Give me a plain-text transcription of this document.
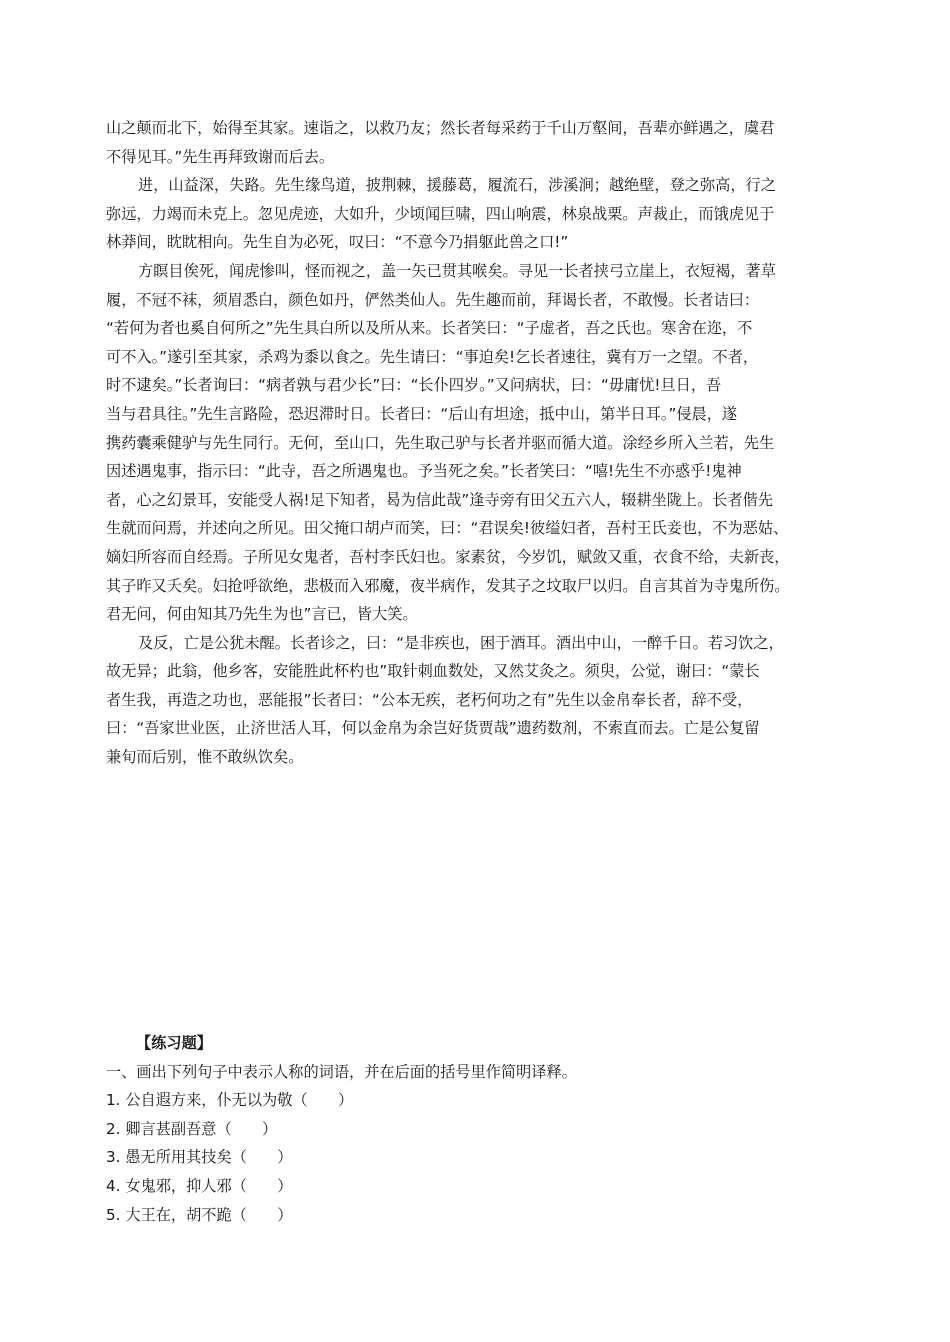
山之颠而北下，始得至其家。速诣之，以救乃友；然长者每采药于千山万壑间，吾辈亦鲜遇之，虞君
不得见耳。”先生再拜致谢而后去。
进，山益深，失路。先生缘鸟道，披荆棘，援藤葛，履流石，涉溪涧；越绝壁，登之弥高，行之
弥远，力竭而未克上。忽见虎迹，大如升，少顷闻巨啸，四山响震，林泉战栗。声裁止，而饿虎见于
林莽间，眈眈相向。先生自为必死，叹曰：“不意今乃捐躯此兽之口!”
方瞑目俟死，闻虎惨叫，怪而视之，盖一矢已贯其喉矣。寻见一长者挟弓立崖上，衣短褐，著草
履，不冠不袜，须眉悉白，颜色如丹，俨然类仙人。先生趣而前，拜谒长者，不敢慢。长者诘曰：
“若何为者也奚自何所之”先生具白所以及所从来。长者笑曰：“子虚者，吾之氏也。寒舍在迩，不
可不入。”遂引至其家，杀鸡为黍以食之。先生请曰：“事迫矣!乞长者速往，冀有万一之望。不者，
时不逮矣。”长者询曰：“病者孰与君少长”曰：“长仆四岁。”又问病状，曰：“毋庸忧!旦日，吾
当与君具往。”先生言路险，恐迟滞时日。长者曰：“后山有坦途，抵中山，第半日耳。”侵晨，遂
携药囊乘健驴与先生同行。无何，至山口，先生取己驴与长者并驱而循大道。涂经乡所入兰若，先生
因述遇鬼事，指示曰：“此寺，吾之所遇鬼也。予当死之矣。”长者笑曰：“嘻!先生不亦惑乎!鬼神
者，心之幻景耳，安能受人祸!足下知者，曷为信此哉”逢寺旁有田父五六人，辍耕坐陇上。长者偕先
生就而问焉，并述向之所见。田父掩口胡卢而笑，曰：“君误矣!彼缢妇者，吾村王氏妾也，不为恶姑、
嫡妇所容而自经焉。子所见女鬼者，吾村李氏妇也。家素贫，今岁饥，赋敛又重，衣食不给，夫新丧，
其子昨又夭矣。妇抢呼欲绝，悲极而入邪魔，夜半病作，发其子之坟取尸以归。自言其首为寺鬼所伤。
君无问，何由知其乃先生为也”言已，皆大笑。
及反，亡是公犹未醒。长者诊之，曰：“是非疾也，困于酒耳。酒出中山，一醉千日。若习饮之，
故无异；此翁，他乡客，安能胜此杯杓也”取针刺血数处，又然艾灸之。须臾，公觉，谢曰：“蒙长
者生我，再造之功也，恶能报”长者曰：“公本无疾，老朽何功之有”先生以金帛奉长者，辞不受，
曰：“吾家世业医，止济世活人耳，何以金帛为余岂好货贾哉”遗药数剂，不索直而去。亡是公复留
兼旬而后别，惟不敢纵饮矣。
【练习题】
一、画出下列句子中表示人称的词语，并在后面的括号里作简明译释。
1. 公自遐方来，仆无以为敬（　　）
2. 卿言甚副吾意（　　）
3. 愚无所用其技矣（　　）
4. 女鬼邪，抑人邪（　　）
5. 大王在，胡不跪（　　）
